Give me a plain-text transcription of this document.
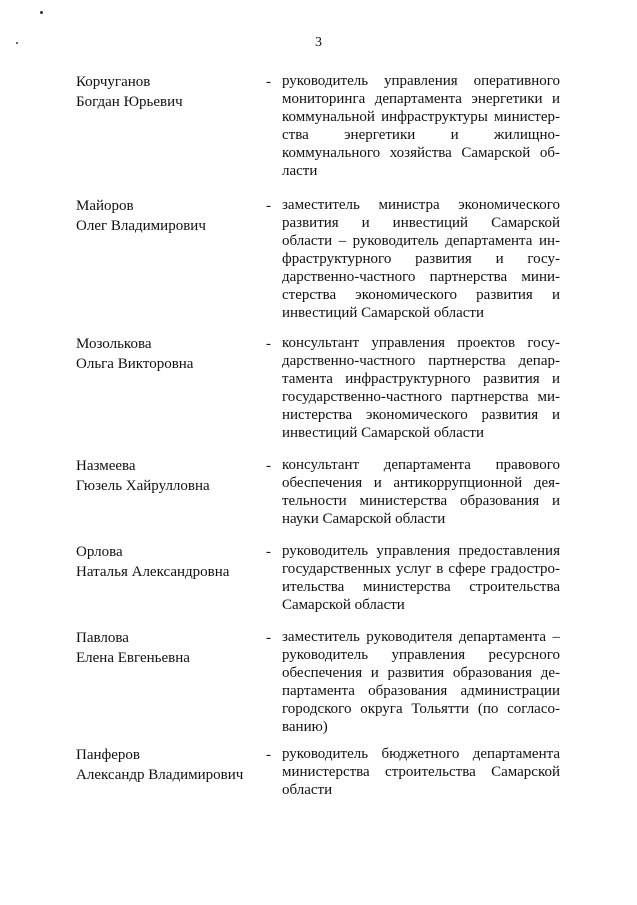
3
Корчуганов
Богдан Юрьевич
- руководитель управления оперативного
мониторинга департамента энергетики и
коммунальной инфраструктуры министер-
ства энергетики и жилищно-
коммунального хозяйства Самарской об-
ласти
Майоров
Олег Владимирович
- заместитель министра экономического
развития и инвестиций Самарской
области – руководитель департамента ин-
фраструктурного развития и госу-
дарственно-частного партнерства мини-
стерства экономического развития и
инвестиций Самарской области
Мозолькова
Ольга Викторовна
- консультант управления проектов госу-
дарственно-частного партнерства депар-
тамента инфраструктурного развития и
государственно-частного партнерства ми-
нистерства экономического развития и
инвестиций Самарской области
Назмеева
Гюзель Хайрулловна
- консультант департамента правового
обеспечения и антикоррупционной дея-
тельности министерства образования и
науки Самарской области
Орлова
Наталья Александровна
- руководитель управления предоставления
государственных услуг в сфере градостро-
ительства министерства строительства
Самарской области
Павлова
Елена Евгеньевна
- заместитель руководителя департамента –
руководитель управления ресурсного
обеспечения и развития образования де-
партамента образования администрации
городского округа Тольятти (по согласо-
ванию)
Панферов
Александр Владимирович
- руководитель бюджетного департамента
министерства строительства Самарской
области
